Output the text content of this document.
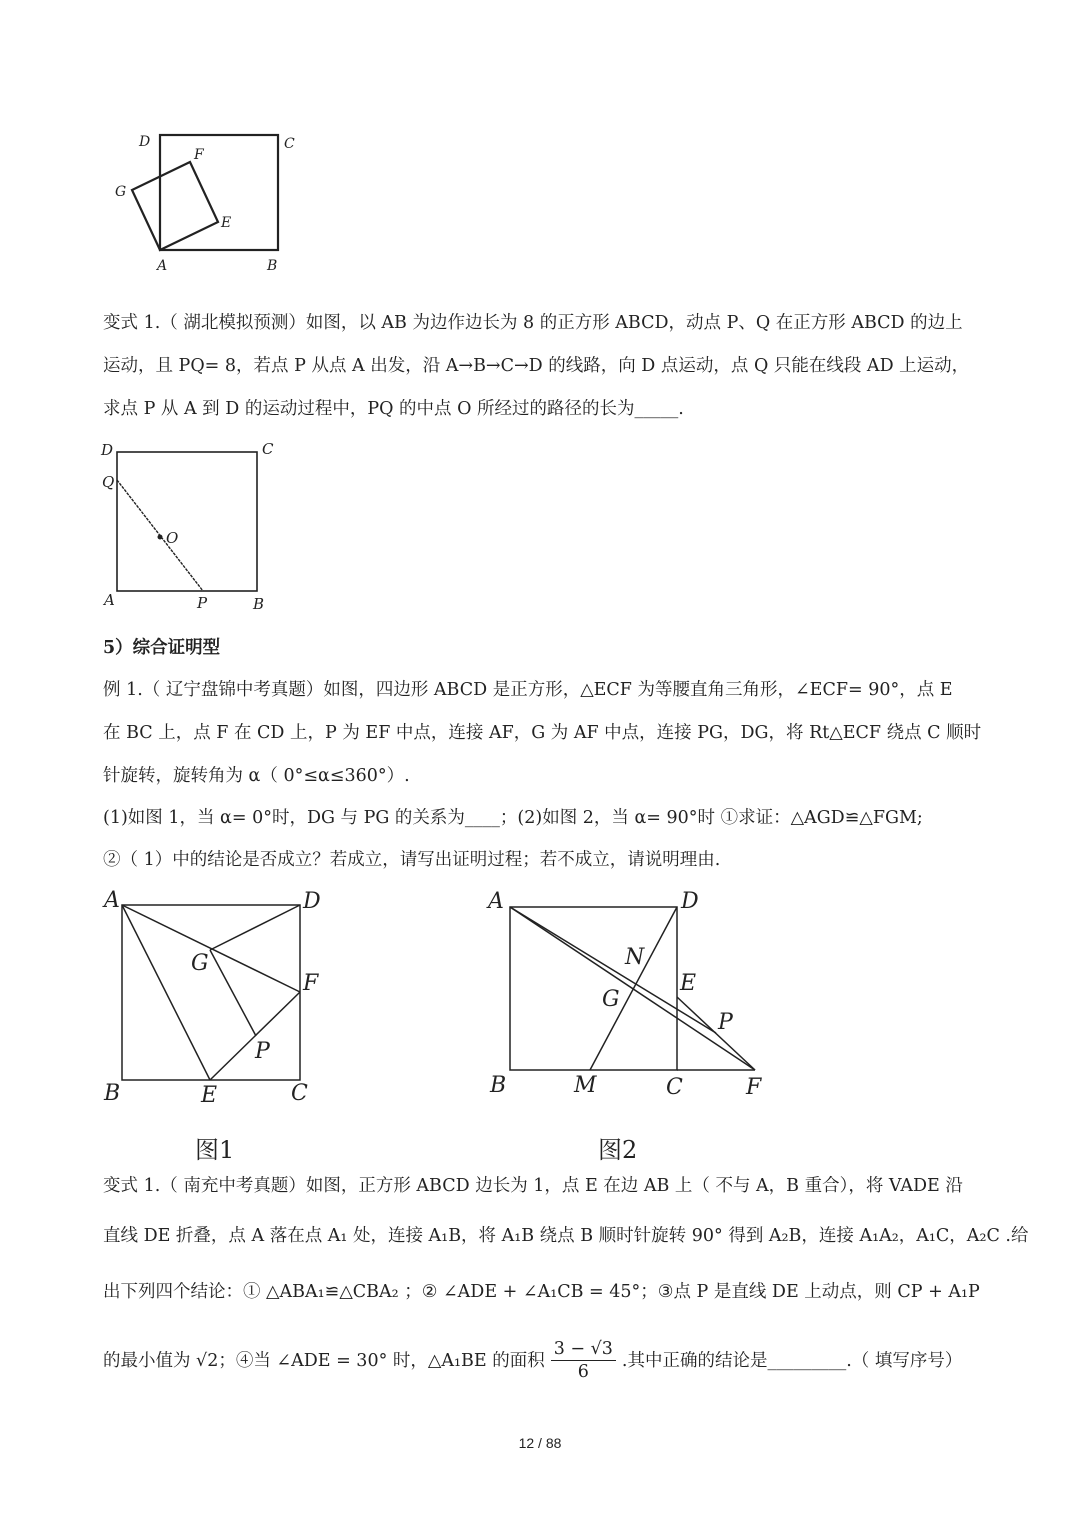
D	C
F
G
E
A	B
D	C
Q
O
A	P	B
A	D
G
F
P
B	E	C
A	D
N
E
G
P
B	M	C	F
变式 1.（ 湖北模拟预测）如图，以 AB 为边作边长为 8 的正方形 ABCD，动点 P、Q 在正方形 ABCD 的边上
运动，且 PQ= 8，若点 P 从点 A 出发，沿 A→B→C→D 的线路，向 D 点运动，点 Q 只能在线段 AD 上运动，
求点 P 从 A 到 D 的运动过程中，PQ 的中点 O 所经过的路径的长为_____.
5）综合证明型
例 1.（ 辽宁盘锦中考真题）如图，四边形 ABCD 是正方形，△ECF 为等腰直角三角形，∠ECF= 90°，点 E
在 BC 上，点 F 在 CD 上，P 为 EF 中点，连接 AF，G 为 AF 中点，连接 PG，DG，将 Rt△ECF 绕点 C 顺时
针旋转，旋转角为 α（ 0°≤α≤360°）.
(1)如图 1，当 α= 0°时，DG 与 PG 的关系为____；(2)如图 2，当 α= 90°时 ①求证：△AGD≌△FGM;
②（ 1）中的结论是否成立？若成立，请写出证明过程；若不成立，请说明理由.
图1	图2
变式 1.（ 南充中考真题）如图，正方形 ABCD 边长为 1，点 E 在边 AB 上（ 不与 A，B 重合），将 VADE 沿
直线 DE 折叠，点 A 落在点 A₁ 处，连接 A₁B，将 A₁B 绕点 B 顺时针旋转 90° 得到 A₂B，连接 A₁A₂，A₁C，A₂C .给
出下列四个结论：① △ABA₁≌△CBA₂ ；② ∠ADE + ∠A₁CB = 45°；③点 P 是直线 DE 上动点，则 CP + A₁P
的最小值为 √2；④当 ∠ADE = 30° 时，△A₁BE 的面积 $\frac{3 - √3}{6}$ .其中正确的结论是_________.（ 填写序号）
12 / 88
